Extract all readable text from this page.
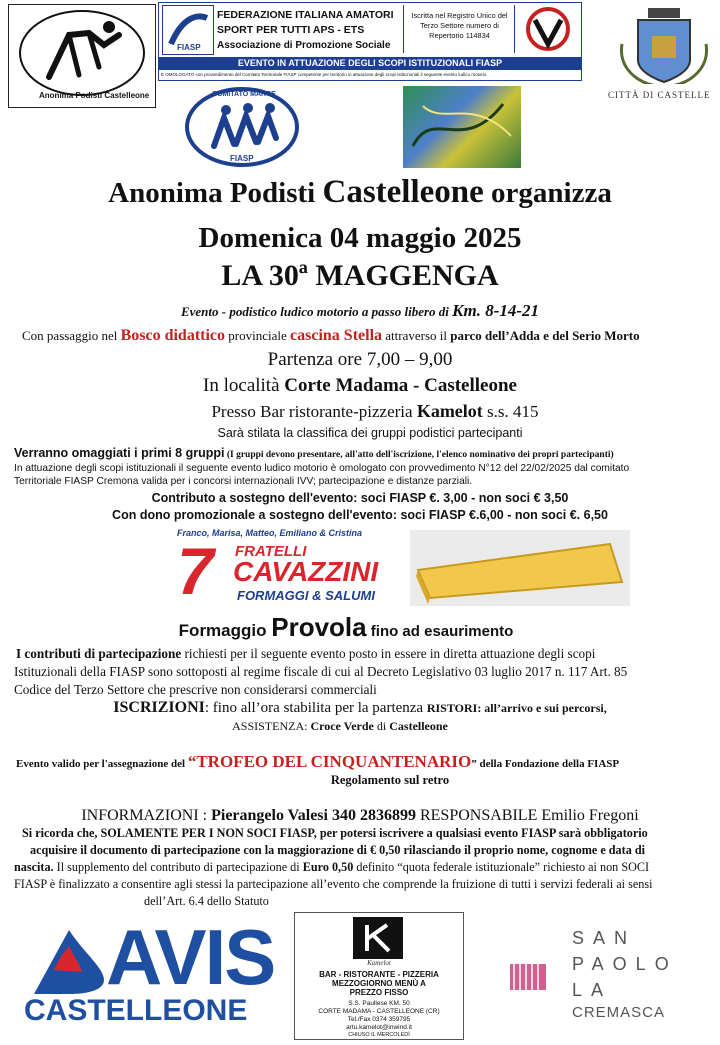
Anonima Podisti Castelleone
FIASP
FEDERAZIONE ITALIANA AMATORI
SPORT PER TUTTI APS - ETS
Associazione di Promozione Sociale
Iscritta nel Registro Unico del Terzo Settore numero di Repertorio 114834
EVENTO IN ATTUAZIONE DEGLI SCOPI ISTITUZIONALI FIASP
E OMOLOGATO con provvedimento del Comitato Territoriale FIASP competente per territorio in attuazione degli scopi istituzionali il seguente evento ludico motorio
CITTÀ DI CASTELLE
COMITATO MARCE
FIASP
Anonima Podisti Castelleone organizza
Domenica 04 maggio 2025
LA 30ª MAGGENGA
Evento - podistico ludico motorio a passo libero di Km. 8-14-21
Con passaggio nel Bosco didattico provinciale cascina Stella attraverso il parco dell’Adda e del Serio Morto
Partenza ore 7,00 – 9,00
In località Corte Madama - Castelleone
Presso Bar ristorante-pizzeria Kamelot s.s. 415
Sarà stilata la classifica dei gruppi podistici partecipanti
Verranno omaggiati i primi 8 gruppi (I gruppi devono presentare, all'atto dell'iscrizione, l'elenco nominativo dei propri partecipanti)
In attuazione degli scopi istituzionali il seguente evento ludico motorio è omologato con provvedimento N°12 del 22/02/2025 dal comitato
Territoriale FIASP Cremona valida per i concorsi internazionali IVV; partecipazione e distanze parziali.
Contributo a sostegno dell'evento: soci FIASP €. 3,00 - non soci € 3,50
Con dono promozionale a sostegno dell'evento: soci FIASP €.6,00 - non soci €. 6,50
Franco, Marisa, Matteo, Emiliano & Cristina
7 FRATELLI
CAVAZZINI
FORMAGGI & SALUMI
Formaggio Provola fino ad esaurimento
I contributi di partecipazione richiesti per il seguente evento posto in essere in diretta attuazione degli scopi
Istituzionali della FIASP sono sottoposti al regime fiscale di cui al Decreto Legislativo 03 luglio 2017 n. 117 Art. 85
Codice del Terzo Settore che prescrive non considerarsi commerciali
ISCRIZIONI: fino all’ora stabilita per la partenza RISTORI: all’arrivo e sui percorsi,
ASSISTENZA: Croce Verde di Castelleone
Evento valido per l'assegnazione del “TROFEO DEL CINQUANTENARIO” della Fondazione della FIASP
Regolamento sul retro
INFORMAZIONI : Pierangelo Valesi 340 2836899 RESPONSABILE Emilio Fregoni
Si ricorda che, SOLAMENTE PER I NON SOCI FIASP, per potersi iscrivere a qualsiasi evento FIASP sarà obbligatorio
acquisire il documento di partecipazione con la maggiorazione di € 0,50 rilasciando il proprio nome, cognome e data di
nascita. Il supplemento del contributo di partecipazione di Euro 0,50 definito “quota federale istituzionale” richiesto ai non SOCI
FIASP è finalizzato a consentire agli stessi la partecipazione all’evento che comprende la fruizione di tutti i servizi federali ai sensi
dell’Art. 6.4 dello Statuto
AVIS
CASTELLEONE
Kamelot
BAR - RISTORANTE - PIZZERIA
MEZZOGIORNO MENÙ A
PREZZO FISSO
S.S. Paullese KM. 50
CORTE MADAMA - CASTELLEONE (CR)
Tel./Fax 0374 359795
artu.kamelot@inwind.it
CHIUSO IL MERCOLEDÌ
SAN
PAOLO
LA
CREMASCA
